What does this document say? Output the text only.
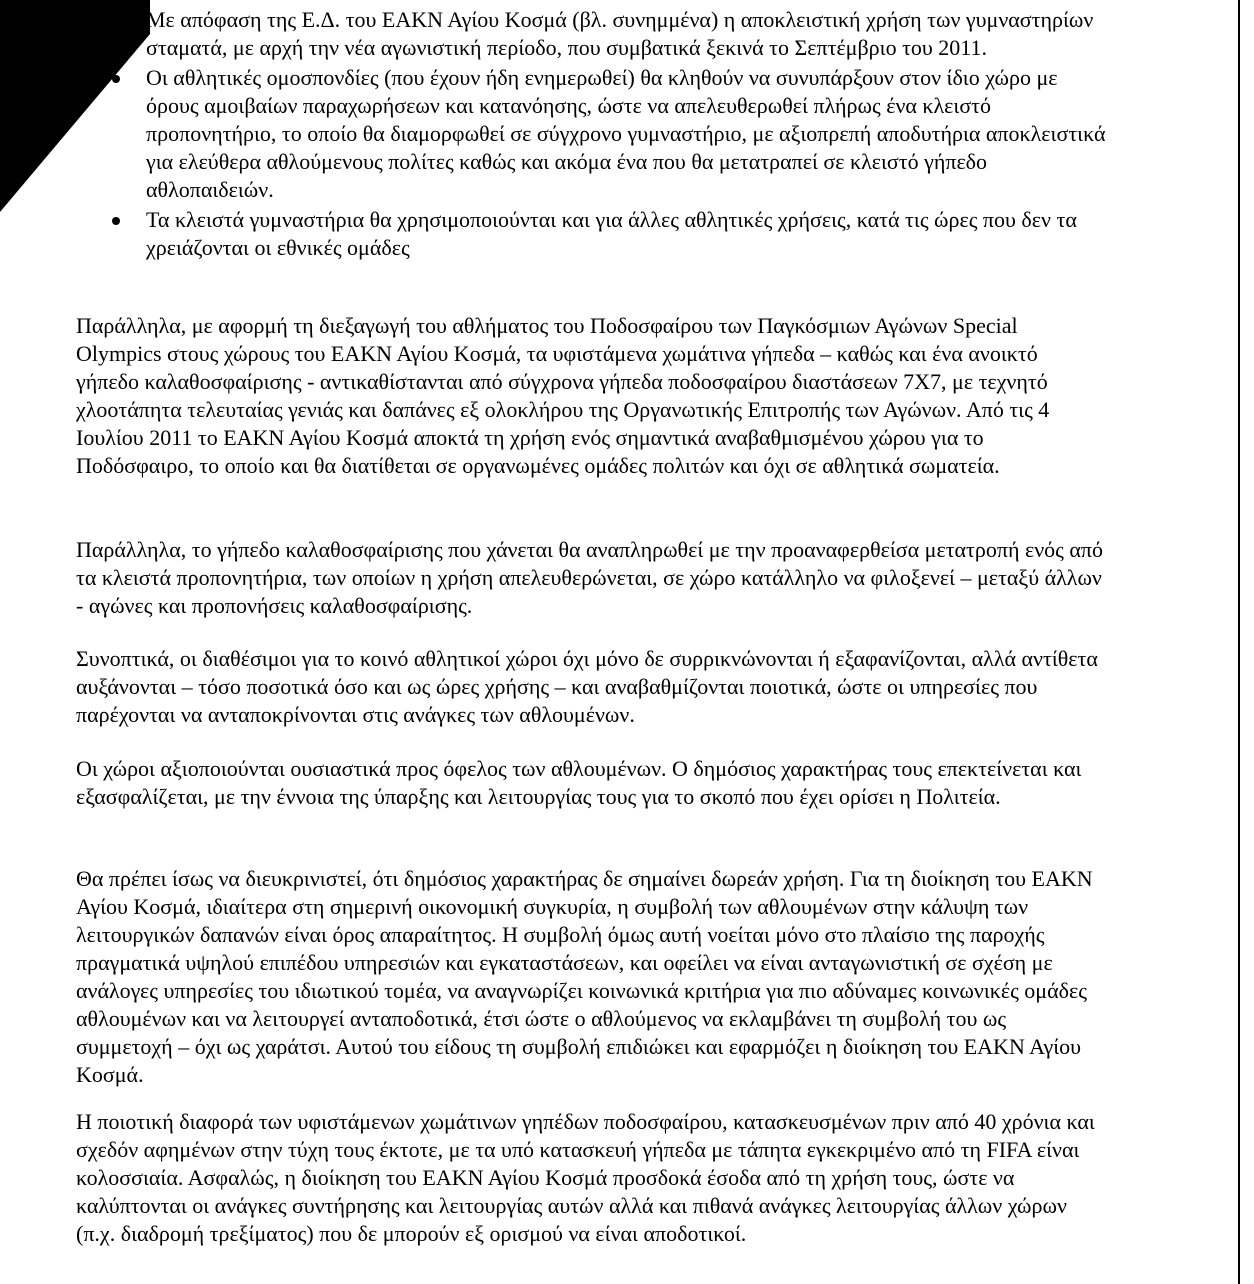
Με απόφαση της Ε.Δ. του ΕΑΚΝ Αγίου Κοσμά (βλ. συνημμένα) η αποκλειστική χρήση των γυμναστηρίων σταματά, με αρχή την νέα αγωνιστική περίοδο, που συμβατικά ξεκινά το Σεπτέμβριο του 2011.
Οι αθλητικές ομοσπονδίες (που έχουν ήδη ενημερωθεί) θα κληθούν να συνυπάρξουν στον ίδιο χώρο με όρους αμοιβαίων παραχωρήσεων και κατανόησης, ώστε να απελευθερωθεί πλήρως ένα κλειστό προπονητήριο, το οποίο θα διαμορφωθεί σε σύγχρονο γυμναστήριο, με αξιοπρεπή αποδυτήρια αποκλειστικά για ελεύθερα αθλούμενους πολίτες καθώς και ακόμα ένα που θα μετατραπεί σε κλειστό γήπεδο αθλοπαιδειών.
Τα κλειστά γυμναστήρια θα χρησιμοποιούνται και για άλλες αθλητικές χρήσεις, κατά τις ώρες που δεν τα χρειάζονται οι εθνικές ομάδες

Παράλληλα, με αφορμή τη διεξαγωγή του αθλήματος του Ποδοσφαίρου των Παγκόσμιων Αγώνων Special Olympics στους χώρους του ΕΑΚΝ Αγίου Κοσμά, τα υφιστάμενα χωμάτινα γήπεδα – καθώς και ένα ανοικτό γήπεδο καλαθοσφαίρισης - αντικαθίστανται από σύγχρονα γήπεδα ποδοσφαίρου διαστάσεων 7Χ7, με τεχνητό χλοοτάπητα τελευταίας γενιάς και δαπάνες εξ ολοκλήρου της Οργανωτικής Επιτροπής των Αγώνων. Από τις 4 Ιουλίου 2011 το ΕΑΚΝ Αγίου Κοσμά αποκτά τη χρήση ενός σημαντικά αναβαθμισμένου χώρου για το Ποδόσφαιρο, το οποίο και θα διατίθεται σε οργανωμένες ομάδες πολιτών και όχι σε αθλητικά σωματεία.

Παράλληλα, το γήπεδο καλαθοσφαίρισης που χάνεται θα αναπληρωθεί με την προαναφερθείσα μετατροπή ενός από τα κλειστά προπονητήρια, των οποίων η χρήση απελευθερώνεται, σε χώρο κατάλληλο να φιλοξενεί – μεταξύ άλλων - αγώνες και προπονήσεις καλαθοσφαίρισης.

Συνοπτικά, οι διαθέσιμοι για το κοινό αθλητικοί χώροι όχι μόνο δε συρρικνώνονται ή εξαφανίζονται, αλλά αντίθετα αυξάνονται – τόσο ποσοτικά όσο και ως ώρες χρήσης – και αναβαθμίζονται ποιοτικά, ώστε οι υπηρεσίες που παρέχονται να ανταποκρίνονται στις ανάγκες των αθλουμένων.

Οι χώροι αξιοποιούνται ουσιαστικά προς όφελος των αθλουμένων. Ο δημόσιος χαρακτήρας τους επεκτείνεται και εξασφαλίζεται, με την έννοια της ύπαρξης και λειτουργίας τους για το σκοπό που έχει ορίσει η Πολιτεία.

Θα πρέπει ίσως να διευκρινιστεί, ότι δημόσιος χαρακτήρας δε σημαίνει δωρεάν χρήση. Για τη διοίκηση του ΕΑΚΝ Αγίου Κοσμά, ιδιαίτερα στη σημερινή οικονομική συγκυρία, η συμβολή των αθλουμένων στην κάλυψη των λειτουργικών δαπανών είναι όρος απαραίτητος. Η συμβολή όμως αυτή νοείται μόνο στο πλαίσιο της παροχής πραγματικά υψηλού επιπέδου υπηρεσιών και εγκαταστάσεων, και οφείλει να είναι ανταγωνιστική σε σχέση με ανάλογες υπηρεσίες του ιδιωτικού τομέα, να αναγνωρίζει κοινωνικά κριτήρια για πιο αδύναμες κοινωνικές ομάδες αθλουμένων και να λειτουργεί ανταποδοτικά, έτσι ώστε ο αθλούμενος να εκλαμβάνει τη συμβολή του ως συμμετοχή – όχι ως χαράτσι. Αυτού του είδους τη συμβολή επιδιώκει και εφαρμόζει η διοίκηση του ΕΑΚΝ Αγίου Κοσμά.

Η ποιοτική διαφορά των υφιστάμενων χωμάτινων γηπέδων ποδοσφαίρου, κατασκευσμένων πριν από 40 χρόνια και σχεδόν αφημένων στην τύχη τους έκτοτε, με τα υπό κατασκευή γήπεδα με τάπητα εγκεκριμένο από τη FIFA είναι κολοσσιαία. Ασφαλώς, η διοίκηση του ΕΑΚΝ Αγίου Κοσμά προσδοκά έσοδα από τη χρήση τους, ώστε να καλύπτονται οι ανάγκες συντήρησης και λειτουργίας αυτών αλλά και πιθανά ανάγκες λειτουργίας άλλων χώρων (π.χ. διαδρομή τρεξίματος) που δε μπορούν εξ ορισμού να είναι αποδοτικοί.
